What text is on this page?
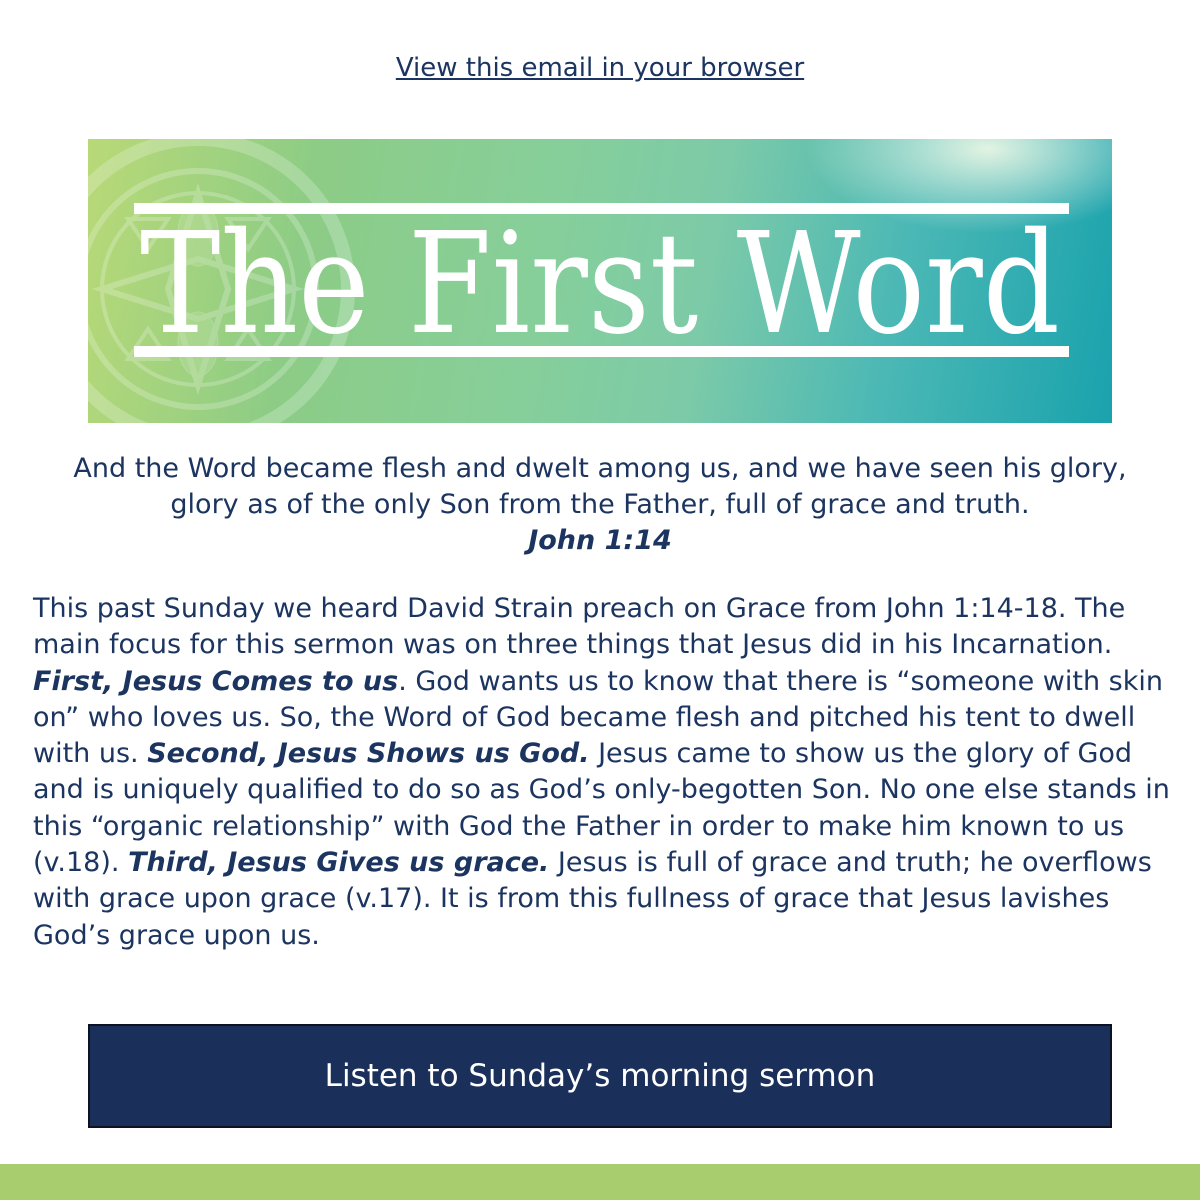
View this email in your browser
The First Word
And the Word became flesh and dwelt among us, and we have seen his glory, glory as of the only Son from the Father, full of grace and truth.
John 1:14
This past Sunday we heard David Strain preach on Grace from John 1:14-18. The main focus for this sermon was on three things that Jesus did in his Incarnation. First, Jesus Comes to us. God wants us to know that there is “someone with skin on” who loves us. So, the Word of God became flesh and pitched his tent to dwell with us. Second, Jesus Shows us God. Jesus came to show us the glory of God and is uniquely qualified to do so as God’s only-begotten Son. No one else stands in this “organic relationship” with God the Father in order to make him known to us (v.18). Third, Jesus Gives us grace. Jesus is full of grace and truth; he overflows with grace upon grace (v.17). It is from this fullness of grace that Jesus lavishes God’s grace upon us.
Listen to Sunday’s morning sermon
